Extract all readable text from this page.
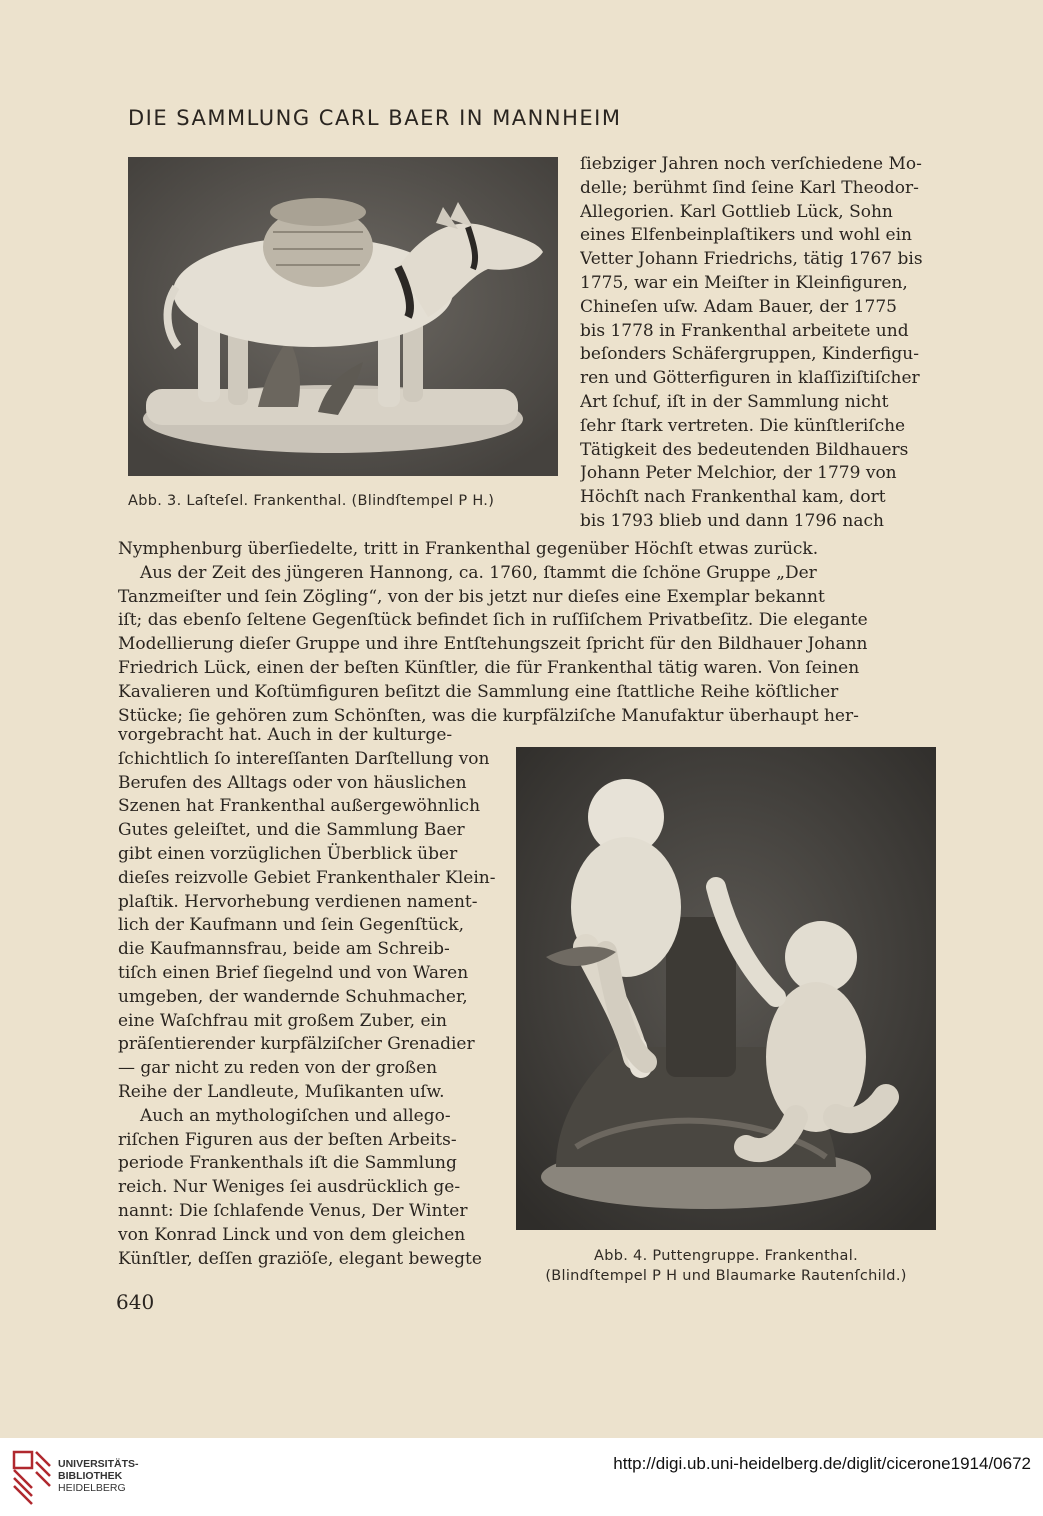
DIE SAMMLUNG CARL BAER IN MANNHEIM
Abb. 3. Laſteſel. Frankenthal. (Blindſtempel P H.)
ſiebziger Jahren noch verſchiedene Mo-
delle; berühmt ſind ſeine Karl Theodor-
Allegorien. Karl Gottlieb Lück, Sohn
eines Elfenbeinplaſtikers und wohl ein
Vetter Johann Friedrichs, tätig 1767 bis
1775, war ein Meiſter in Kleinfiguren,
Chineſen uſw. Adam Bauer, der 1775
bis 1778 in Frankenthal arbeitete und
beſonders Schäfergruppen, Kinderfigu-
ren und Götterfiguren in klaſſiziſtiſcher
Art ſchuf, iſt in der Sammlung nicht
ſehr ſtark vertreten. Die künſtleriſche
Tätigkeit des bedeutenden Bildhauers
Johann Peter Melchior, der 1779 von
Höchſt nach Frankenthal kam, dort
bis 1793 blieb und dann 1796 nach
Nymphenburg überſiedelte, tritt in Frankenthal gegenüber Höchſt etwas zurück.
Aus der Zeit des jüngeren Hannong, ca. 1760, ſtammt die ſchöne Gruppe „Der
Tanzmeiſter und ſein Zögling“, von der bis jetzt nur dieſes eine Exemplar bekannt
iſt; das ebenſo ſeltene Gegenſtück befindet ſich in ruſſiſchem Privatbeſitz. Die elegante
Modellierung dieſer Gruppe und ihre Entſtehungszeit ſpricht für den Bildhauer Johann
Friedrich Lück, einen der beſten Künſtler, die für Frankenthal tätig waren. Von ſeinen
Kavalieren und Koſtümfiguren beſitzt die Sammlung eine ſtattliche Reihe köſtlicher
Stücke; ſie gehören zum Schönſten, was die kurpfälziſche Manufaktur überhaupt her-
vorgebracht hat. Auch in der kulturge-
ſchichtlich ſo intereſſanten Darſtellung von
Berufen des Alltags oder von häuslichen
Szenen hat Frankenthal außergewöhnlich
Gutes geleiſtet, und die Sammlung Baer
gibt einen vorzüglichen Überblick über
dieſes reizvolle Gebiet Frankenthaler Klein-
plaſtik. Hervorhebung verdienen nament-
lich der Kaufmann und ſein Gegenſtück,
die Kaufmannsfrau, beide am Schreib-
tiſch einen Brief ſiegelnd und von Waren
umgeben, der wandernde Schuhmacher,
eine Waſchfrau mit großem Zuber, ein
präſentierender kurpfälziſcher Grenadier
— gar nicht zu reden von der großen
Reihe der Landleute, Muſikanten uſw.
Auch an mythologiſchen und allego-
riſchen Figuren aus der beſten Arbeits-
periode Frankenthals iſt die Sammlung
reich. Nur Weniges ſei ausdrücklich ge-
nannt: Die ſchlafende Venus, Der Winter
von Konrad Linck und von dem gleichen
Künſtler, deſſen graziöſe, elegant bewegte	Abb. 4. Puttengruppe. Frankenthal.
(Blindſtempel P H und Blaumarke Rautenſchild.)
640
UNIVERSITÄTS-
BIBLIOTHEK
HEIDELBERG
http://digi.ub.uni-heidelberg.de/diglit/cicerone1914/0672
